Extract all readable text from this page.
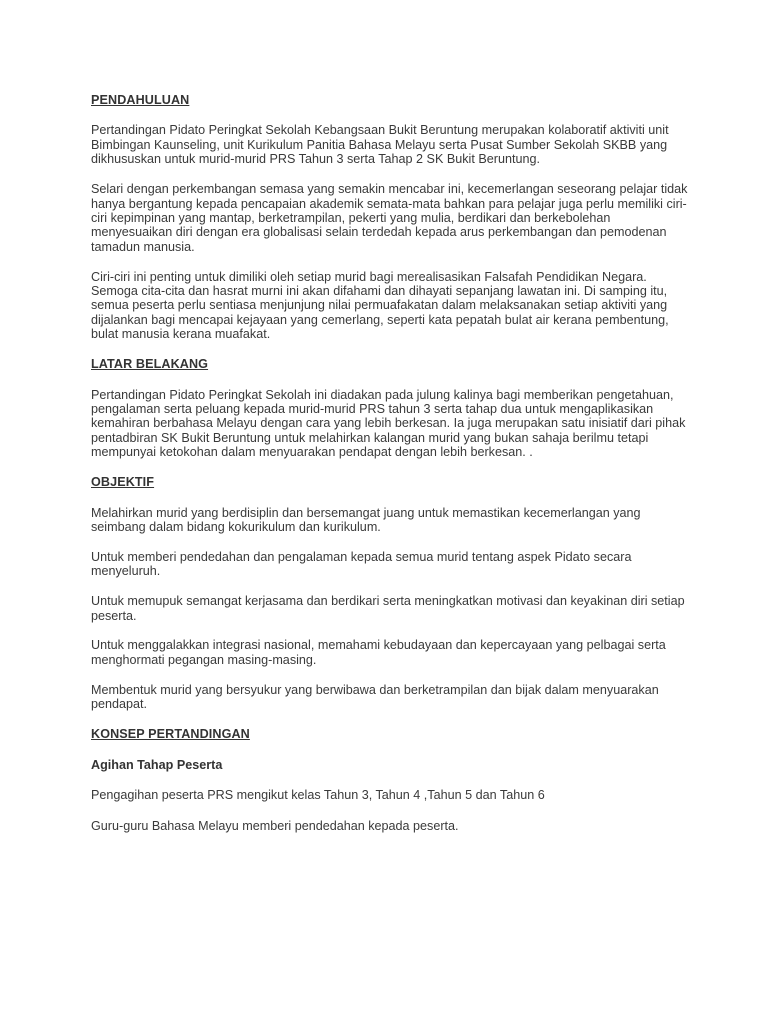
PENDAHULUAN

Pertandingan Pidato Peringkat Sekolah Kebangsaan Bukit Beruntung merupakan kolaboratif aktiviti unit Bimbingan Kaunseling, unit Kurikulum Panitia Bahasa Melayu serta Pusat Sumber Sekolah SKBB yang dikhususkan untuk murid-murid PRS Tahun 3 serta Tahap 2 SK Bukit Beruntung.

Selari dengan perkembangan semasa yang semakin mencabar ini, kecemerlangan seseorang pelajar tidak hanya bergantung kepada pencapaian akademik semata-mata bahkan para pelajar juga perlu memiliki ciri-ciri kepimpinan yang mantap, berketrampilan, pekerti yang mulia, berdikari dan berkebolehan menyesuaikan diri dengan era globalisasi selain terdedah kepada arus perkembangan dan pemodenan tamadun manusia.

Ciri-ciri ini penting untuk dimiliki oleh setiap murid bagi merealisasikan Falsafah Pendidikan Negara. Semoga cita-cita dan hasrat murni ini akan difahami dan dihayati sepanjang lawatan ini. Di samping itu, semua peserta perlu sentiasa menjunjung nilai permuafakatan dalam melaksanakan setiap aktiviti yang dijalankan bagi mencapai kejayaan yang cemerlang, seperti kata pepatah bulat air kerana pembentung, bulat manusia kerana muafakat.

LATAR BELAKANG

Pertandingan Pidato Peringkat Sekolah ini diadakan pada julung kalinya bagi memberikan pengetahuan, pengalaman serta peluang kepada murid-murid PRS tahun 3 serta tahap dua untuk mengaplikasikan kemahiran berbahasa Melayu dengan cara yang lebih berkesan. Ia juga merupakan satu inisiatif dari pihak pentadbiran SK Bukit Beruntung untuk melahirkan kalangan murid yang bukan sahaja berilmu tetapi mempunyai ketokohan dalam menyuarakan pendapat dengan lebih berkesan. .

OBJEKTIF

Melahirkan murid yang berdisiplin dan bersemangat juang untuk memastikan kecemerlangan yang seimbang dalam bidang kokurikulum dan kurikulum.

Untuk memberi pendedahan dan pengalaman kepada semua murid tentang aspek Pidato secara menyeluruh.

Untuk memupuk semangat kerjasama dan berdikari serta meningkatkan motivasi dan keyakinan diri setiap peserta.

Untuk menggalakkan integrasi nasional, memahami kebudayaan dan kepercayaan yang pelbagai serta menghormati pegangan masing-masing.

Membentuk murid yang bersyukur yang berwibawa dan berketrampilan dan bijak dalam menyuarakan pendapat.

KONSEP PERTANDINGAN
Agihan Tahap Peserta

Pengagihan peserta PRS mengikut kelas Tahun 3, Tahun 4 ,Tahun 5 dan Tahun 6

Guru-guru Bahasa Melayu memberi pendedahan kepada peserta.
